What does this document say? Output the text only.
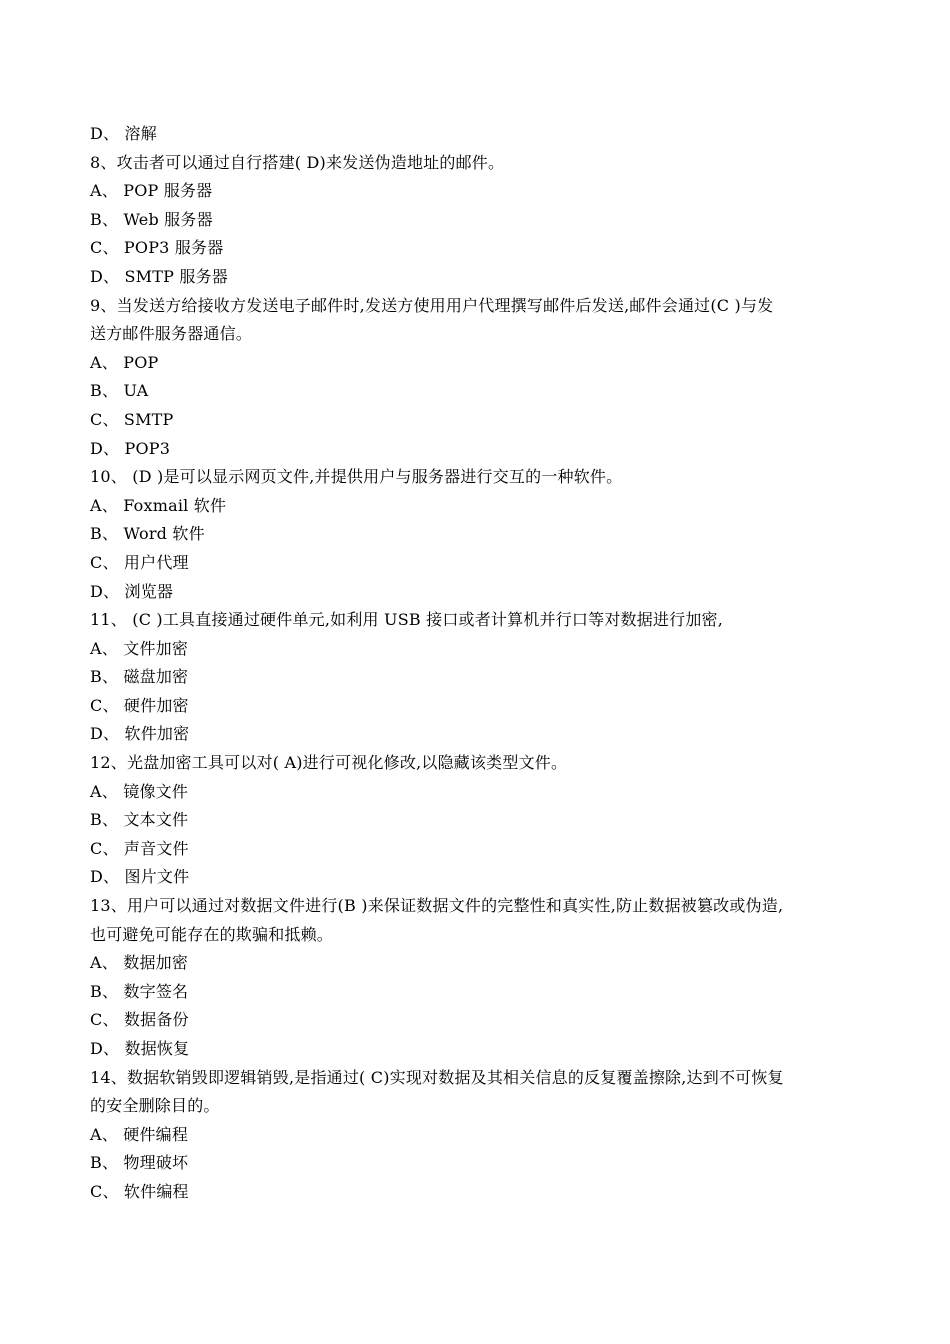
D、 溶解
8、攻击者可以通过自行搭建( D)来发送伪造地址的邮件。
A、 POP 服务器
B、 Web 服务器
C、 POP3 服务器
D、 SMTP 服务器
9、当发送方给接收方发送电子邮件时,发送方使用用户代理撰写邮件后发送,邮件会通过(C )与发
送方邮件服务器通信。
A、 POP
B、 UA
C、 SMTP
D、 POP3
10、 (D )是可以显示网页文件,并提供用户与服务器进行交互的一种软件。
A、 Foxmail 软件
B、 Word 软件
C、 用户代理
D、 浏览器
11、 (C )工具直接通过硬件单元,如利用 USB 接口或者计算机并行口等对数据进行加密,
A、 文件加密
B、 磁盘加密
C、 硬件加密
D、 软件加密
12、光盘加密工具可以对( A)进行可视化修改,以隐藏该类型文件。
A、 镜像文件
B、 文本文件
C、 声音文件
D、 图片文件
13、用户可以通过对数据文件进行(B )来保证数据文件的完整性和真实性,防止数据被篡改或伪造,
也可避免可能存在的欺骗和抵赖。
A、 数据加密
B、 数字签名
C、 数据备份
D、 数据恢复
14、数据软销毁即逻辑销毁,是指通过( C)实现对数据及其相关信息的反复覆盖擦除,达到不可恢复
的安全删除目的。
A、 硬件编程
B、 物理破坏
C、 软件编程
